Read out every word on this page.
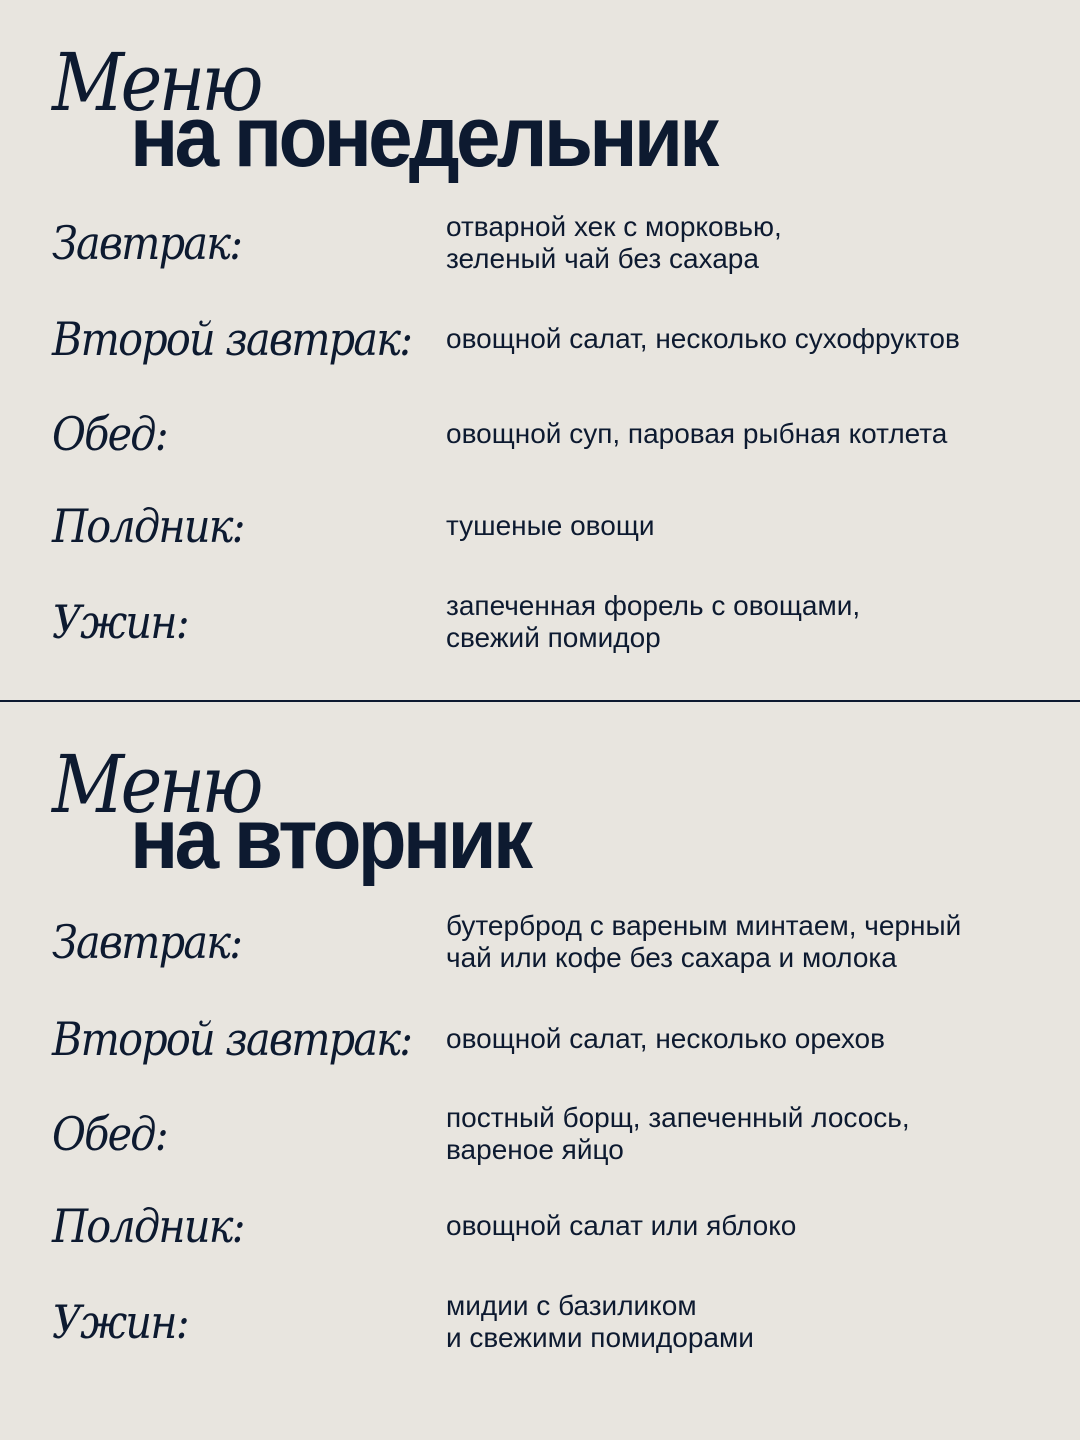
Меню
на понедельник
Завтрак:	отварной хек с морковью,
зеленый чай без сахара
Второй завтрак: овощной салат, несколько сухофруктов
Обед:	овощной суп, паровая рыбная котлета
Полдник:	тушеные овощи
Ужин:	запеченная форель с овощами,
свежий помидор
Меню
на вторник
Завтрак:	бутерброд с вареным минтаем, черный
чай или кофе без сахара и молока
Второй завтрак: овощной салат, несколько орехов
Обед:	постный борщ, запеченный лосось,
вареное яйцо
Полдник:	овощной салат или яблоко
Ужин:	мидии с базиликом
и свежими помидорами
